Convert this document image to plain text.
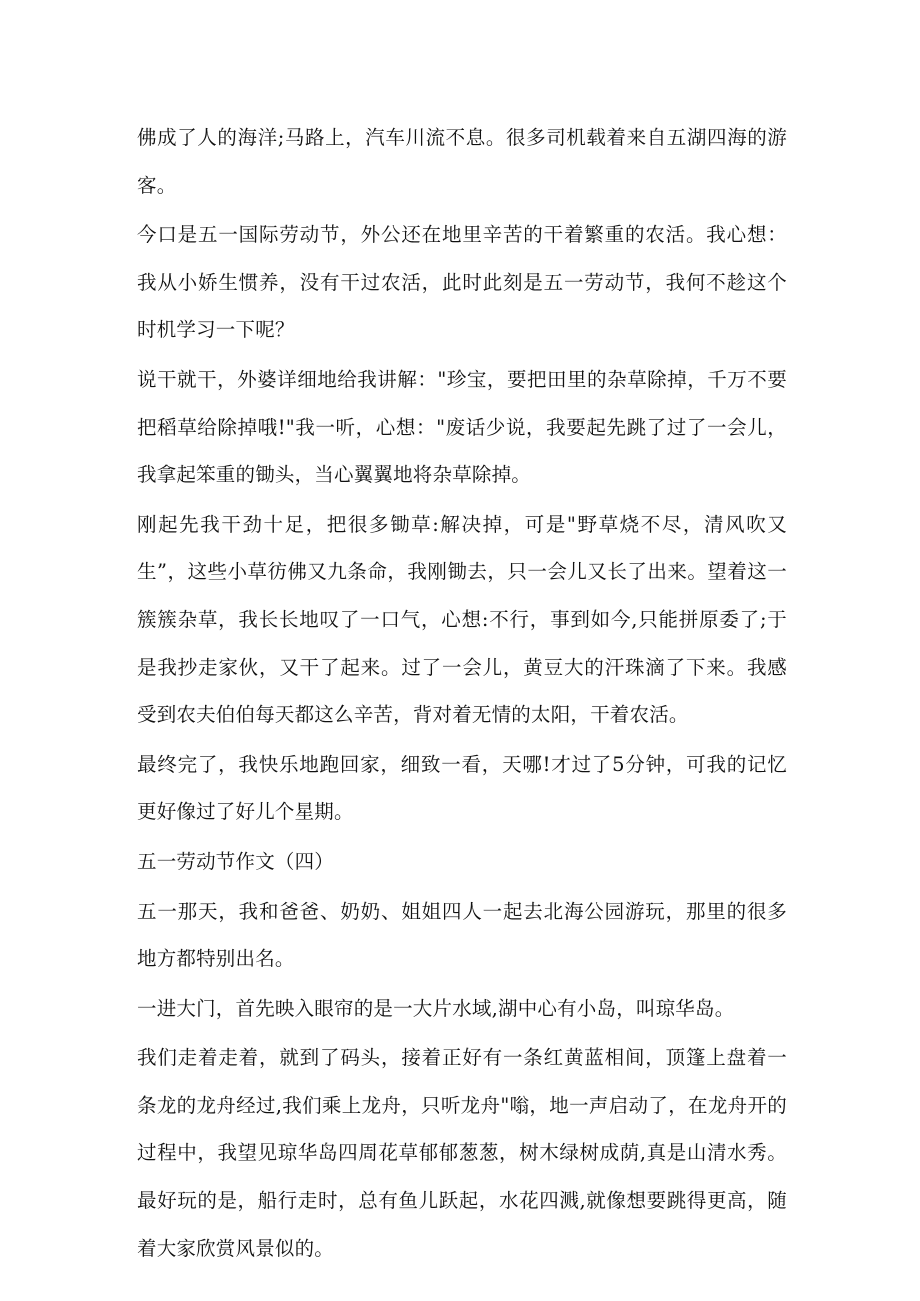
佛成了人的海洋;马路上，汽车川流不息。很多司机载着来自五湖四海的游客。

今口是五一国际劳动节，外公还在地里辛苦的干着繁重的农活。我心想：我从小娇生惯养，没有干过农活，此时此刻是五一劳动节，我何不趁这个时机学习一下呢？

说干就干，外婆详细地给我讲解："珍宝，要把田里的杂草除掉，千万不要把稻草给除掉哦!"我一听，心想："废话少说，我要起先跳了过了一会儿，我拿起笨重的锄头，当心翼翼地将杂草除掉。

刚起先我干劲十足，把很多锄草:解决掉，可是"野草烧不尽，清风吹又生”，这些小草彷佛又九条命，我刚锄去，只一会儿又长了出来。望着这一簇簇杂草，我长长地叹了一口气，心想:不行，事到如今,只能拼原委了;于是我抄走家伙，又干了起来。过了一会儿，黄豆大的汗珠滴了下来。我感受到农夫伯伯每天都这么辛苦，背对着无情的太阳，干着农活。

最终完了，我快乐地跑回家，细致一看，天哪!才过了5分钟，可我的记忆更好像过了好儿个星期。

五一劳动节作文（四）

五一那天，我和爸爸、奶奶、姐姐四人一起去北海公园游玩，那里的很多地方都特别出名。

一进大门，首先映入眼帘的是一大片水域,湖中心有小岛，叫琼华岛。

我们走着走着，就到了码头，接着正好有一条红黄蓝相间，顶篷上盘着一条龙的龙舟经过,我们乘上龙舟，只听龙舟"嗡，地一声启动了，在龙舟开的过程中，我望见琼华岛四周花草郁郁葱葱，树木绿树成荫,真是山清水秀。最好玩的是，船行走时，总有鱼儿跃起，水花四溅,就像想要跳得更高，随着大家欣赏风景似的。
